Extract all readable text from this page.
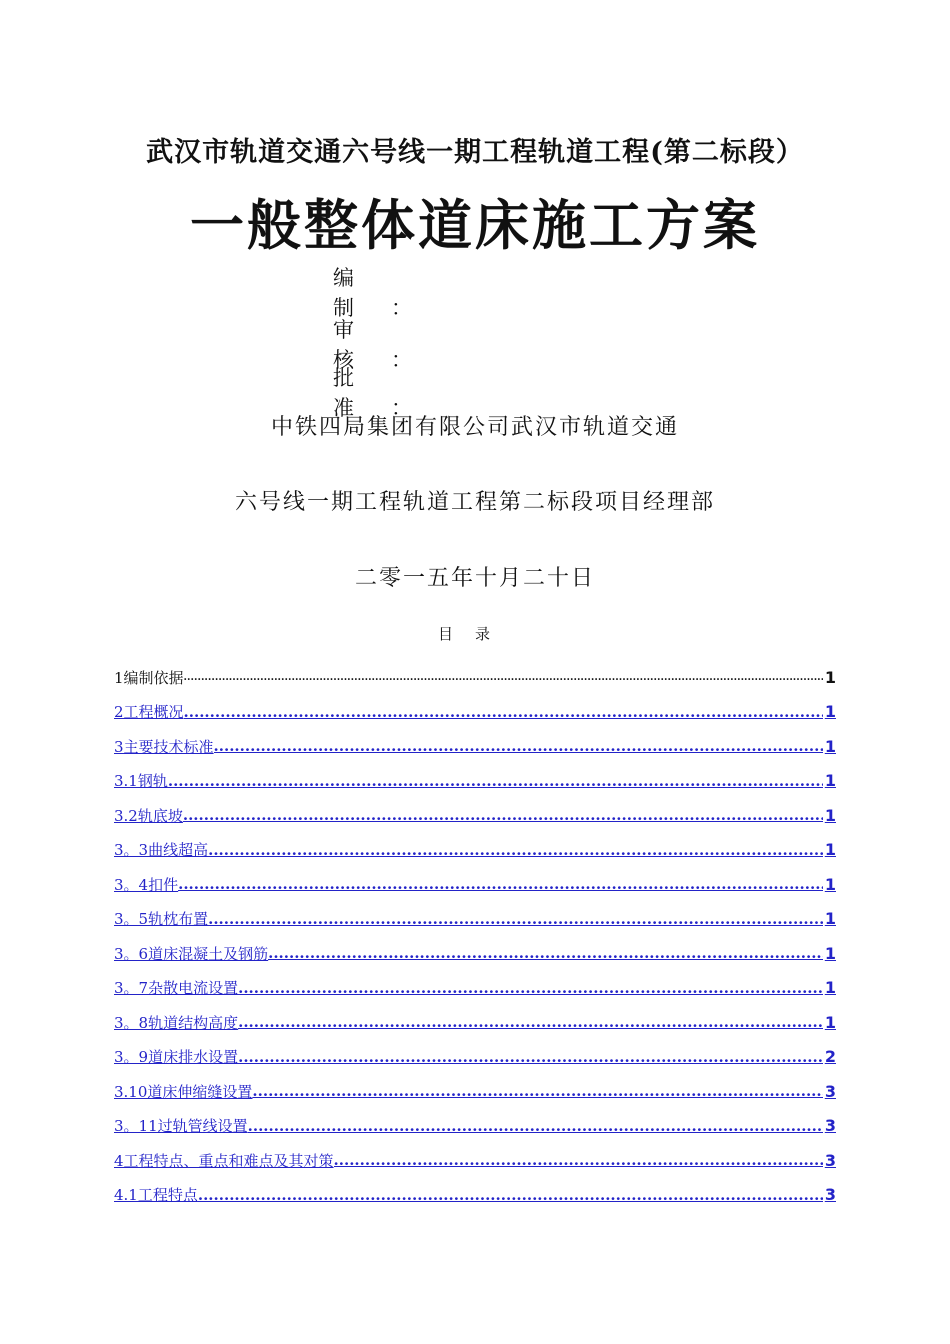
武汉市轨道交通六号线一期工程轨道工程(第二标段）
一般整体道床施工方案
编制 ：
审核 ：
批准 ：
中铁四局集团有限公司武汉市轨道交通
六号线一期工程轨道工程第二标段项目经理部
二零一五年十月二十日
目录
1编制依据 .....	1
2工程概况 .....	1
3主要技术标准 .....	1
3.1钢轨 .....	1
3.2轨底坡 .....	1
3。3曲线超高 .....	1
3。4扣件 .....	1
3。5轨枕布置 .....	1
3。6道床混凝土及钢筋 .....	1
3。7杂散电流设置 .....	1
3。8轨道结构高度 .....	1
3。9道床排水设置 .....	2
3.10道床伸缩缝设置 .....	3
3。11过轨管线设置 .....	3
4工程特点、重点和难点及其对策 .....	3
4.1工程特点 .....	3
